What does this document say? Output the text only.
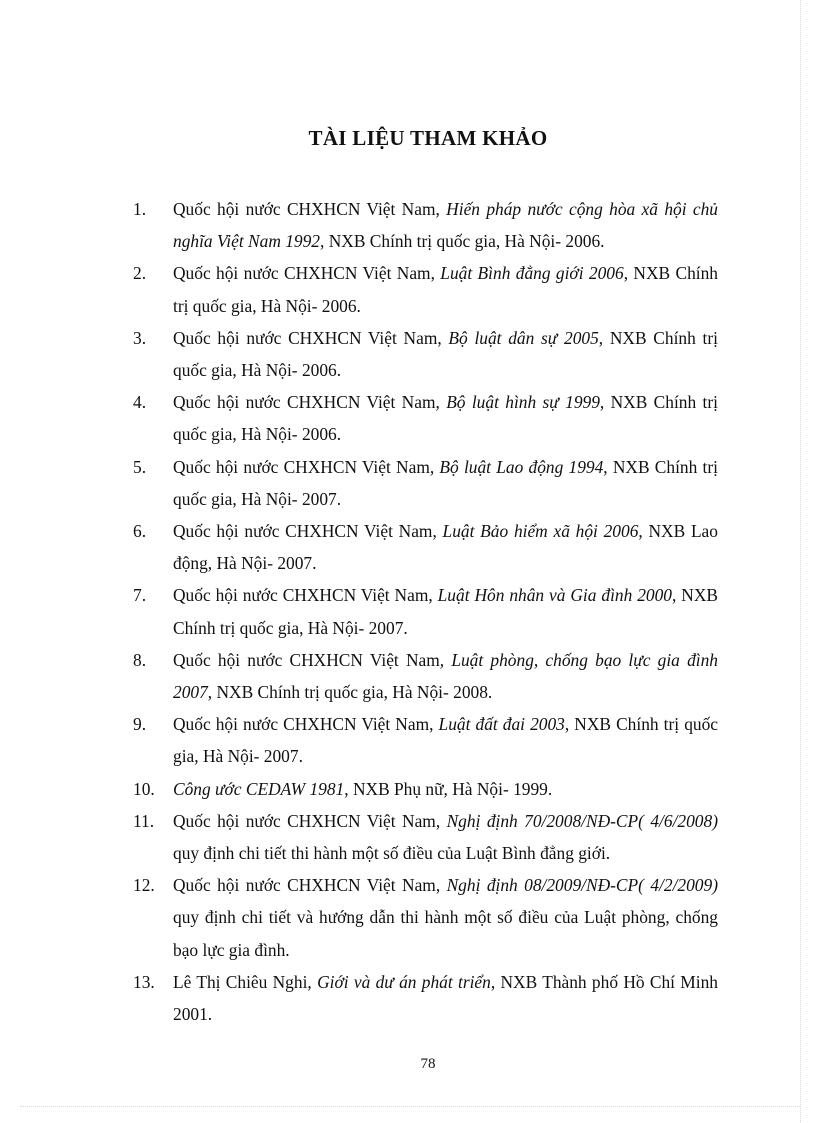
TÀI LIỆU THAM KHẢO
1. Quốc hội nước CHXHCN Việt Nam, Hiến pháp nước cộng hòa xã hội chủ nghĩa Việt Nam 1992, NXB Chính trị quốc gia, Hà Nội- 2006.
2. Quốc hội nước CHXHCN Việt Nam, Luật Bình đẳng giới 2006, NXB Chính trị quốc gia, Hà Nội- 2006.
3. Quốc hội nước CHXHCN Việt Nam, Bộ luật dân sự 2005, NXB Chính trị quốc gia, Hà Nội- 2006.
4. Quốc hội nước CHXHCN Việt Nam, Bộ luật hình sự 1999, NXB Chính trị quốc gia, Hà Nội- 2006.
5. Quốc hội nước CHXHCN Việt Nam, Bộ luật Lao động 1994, NXB Chính trị quốc gia, Hà Nội- 2007.
6. Quốc hội nước CHXHCN Việt Nam, Luật Bảo hiểm xã hội 2006, NXB Lao động, Hà Nội- 2007.
7. Quốc hội nước CHXHCN Việt Nam, Luật Hôn nhân và Gia đình 2000, NXB Chính trị quốc gia, Hà Nội- 2007.
8. Quốc hội nước CHXHCN Việt Nam, Luật phòng, chống bạo lực gia đình 2007, NXB Chính trị quốc gia, Hà Nội- 2008.
9. Quốc hội nước CHXHCN Việt Nam, Luật đất đai 2003, NXB Chính trị quốc gia, Hà Nội- 2007.
10. Công ước CEDAW 1981, NXB Phụ nữ, Hà Nội- 1999.
11. Quốc hội nước CHXHCN Việt Nam, Nghị định 70/2008/NĐ-CP( 4/6/2008) quy định chi tiết thi hành một số điều của Luật Bình đẳng giới.
12. Quốc hội nước CHXHCN Việt Nam, Nghị định 08/2009/NĐ-CP( 4/2/2009) quy định chi tiết và hướng dẫn thi hành một số điều của Luật phòng, chống bạo lực gia đình.
13. Lê Thị Chiêu Nghi, Giới và dư án phát triển, NXB Thành phố Hồ Chí Minh 2001.
78
